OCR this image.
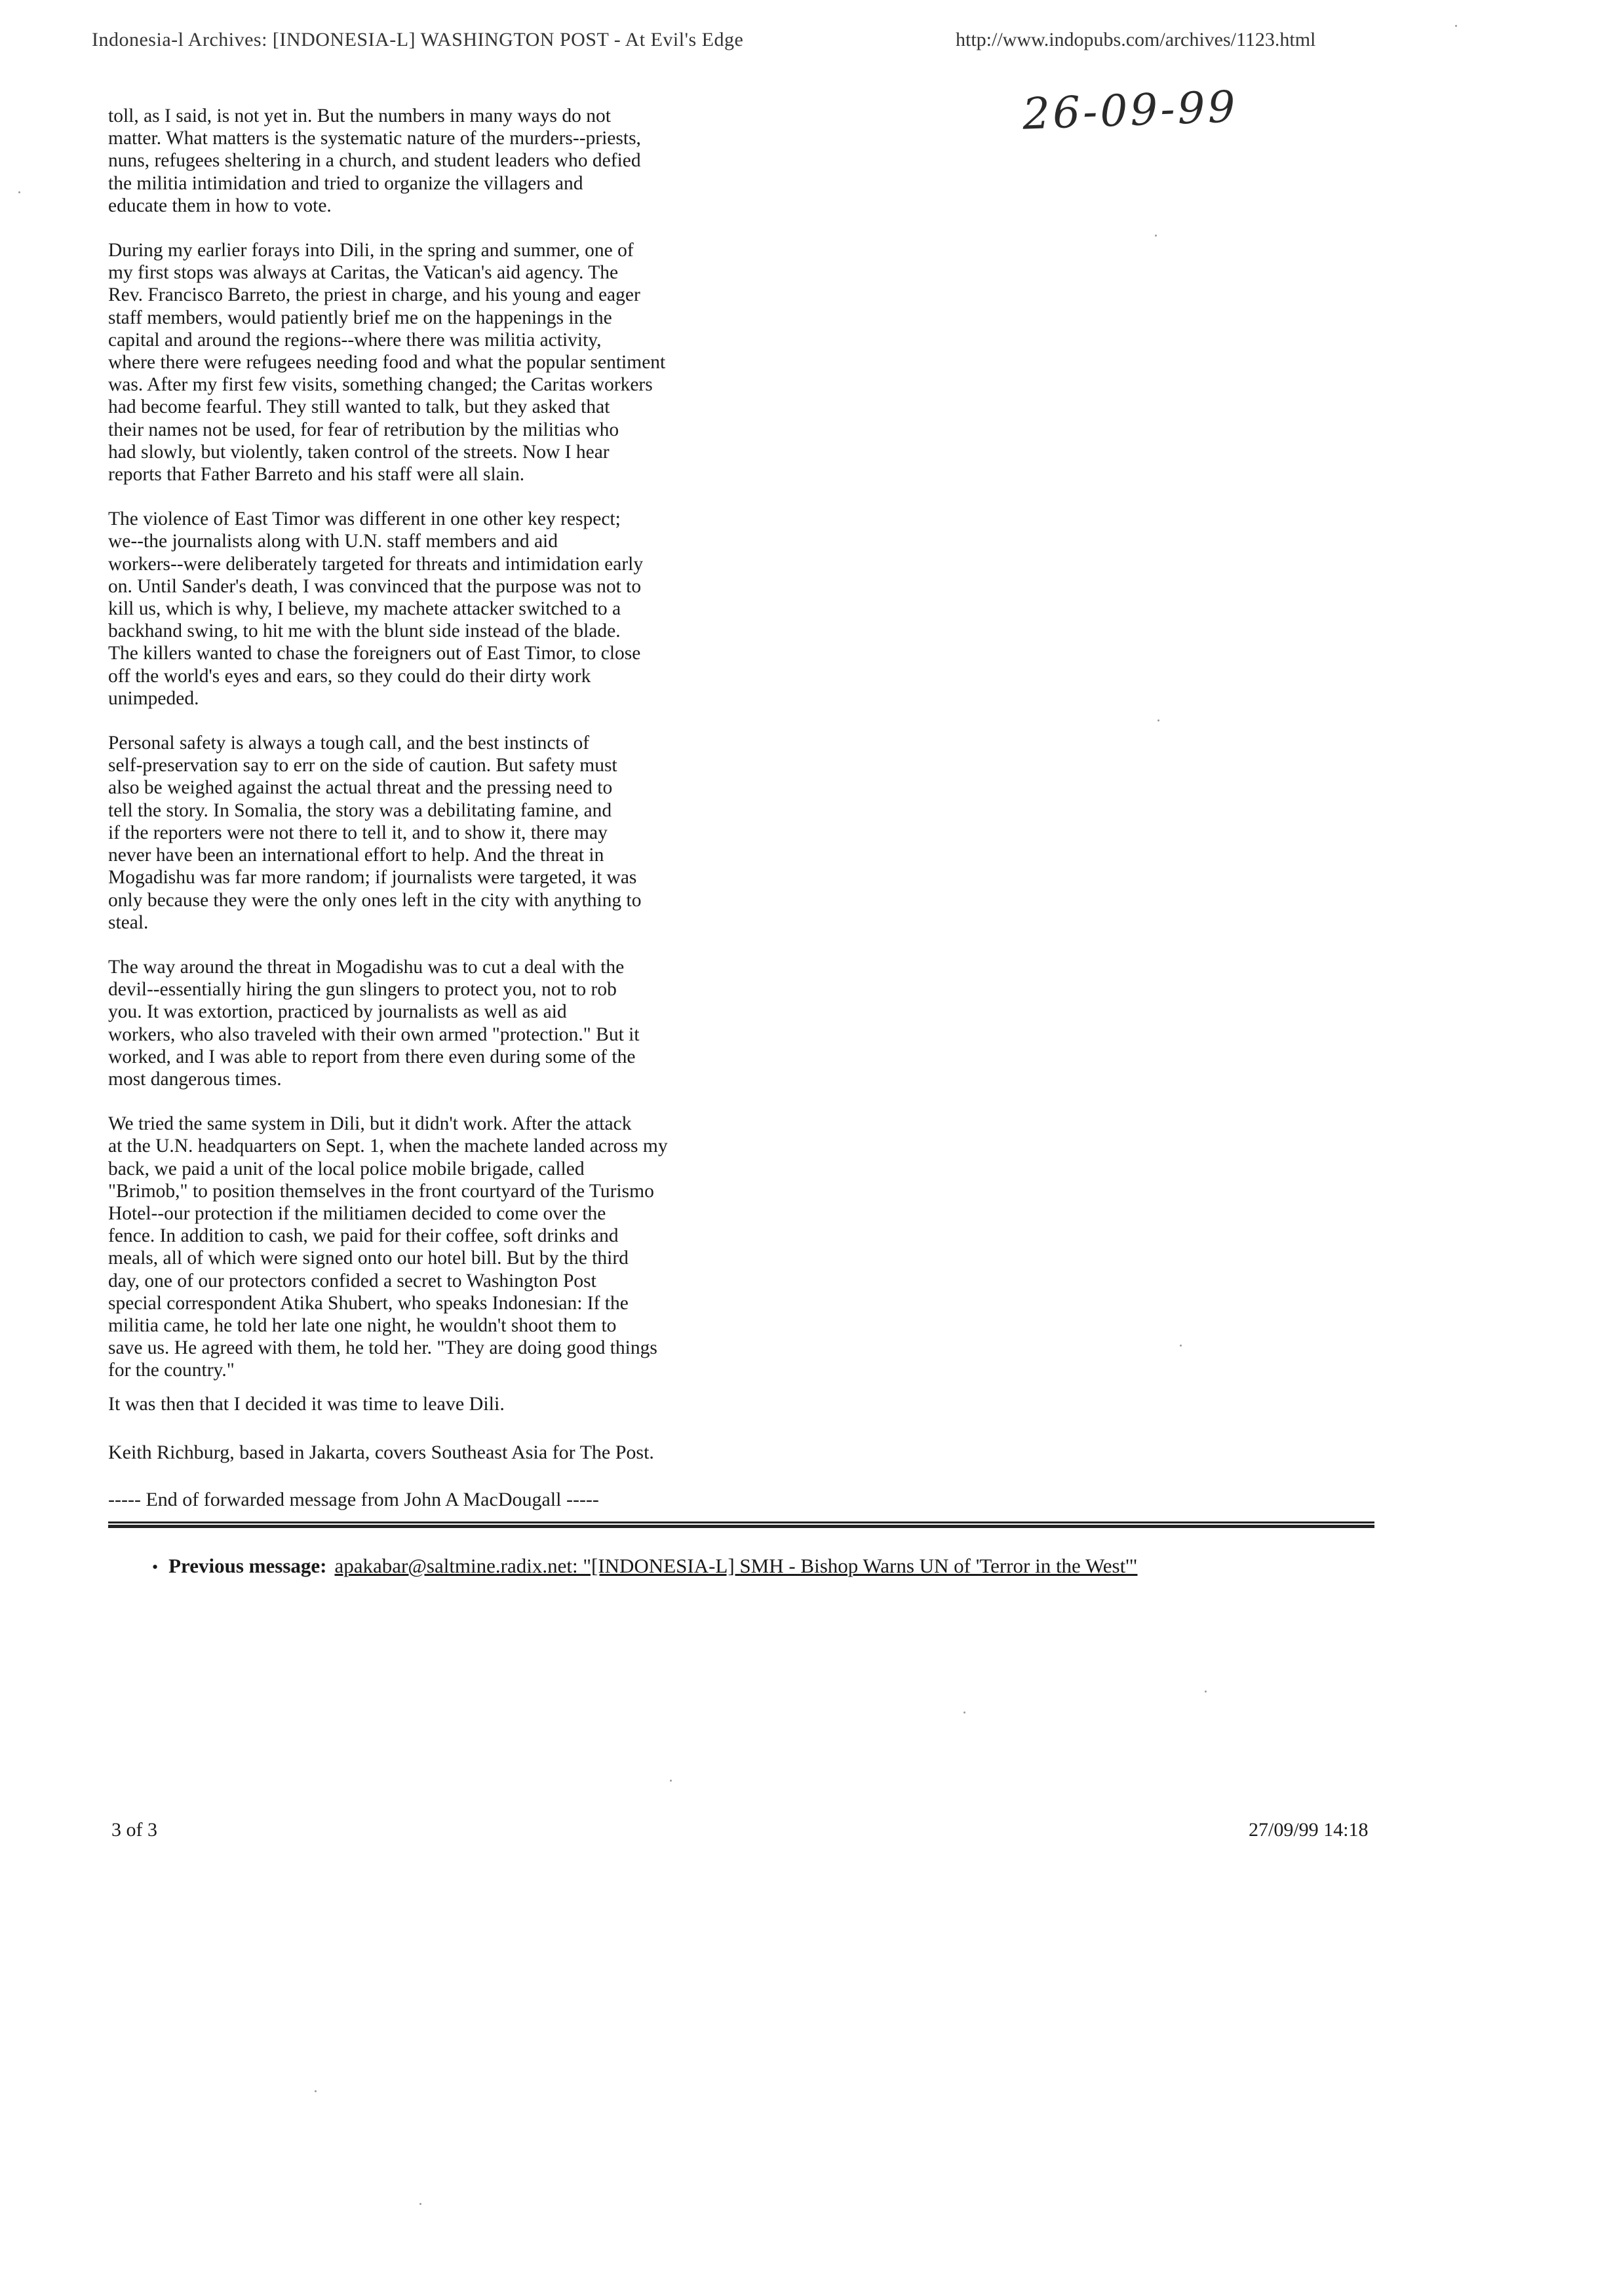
Indonesia-l Archives: [INDONESIA-L] WASHINGTON POST - At Evil's Edge	http://www.indopubs.com/archives/1123.html
26-09-99

toll, as I said, is not yet in. But the numbers in many ways do not
matter. What matters is the systematic nature of the murders--priests,
nuns, refugees sheltering in a church, and student leaders who defied
the militia intimidation and tried to organize the villagers and
educate them in how to vote.

During my earlier forays into Dili, in the spring and summer, one of
my first stops was always at Caritas, the Vatican's aid agency. The
Rev. Francisco Barreto, the priest in charge, and his young and eager
staff members, would patiently brief me on the happenings in the
capital and around the regions--where there was militia activity,
where there were refugees needing food and what the popular sentiment
was. After my first few visits, something changed; the Caritas workers
had become fearful. They still wanted to talk, but they asked that
their names not be used, for fear of retribution by the militias who
had slowly, but violently, taken control of the streets. Now I hear
reports that Father Barreto and his staff were all slain.

The violence of East Timor was different in one other key respect;
we--the journalists along with U.N. staff members and aid
workers--were deliberately targeted for threats and intimidation early
on. Until Sander's death, I was convinced that the purpose was not to
kill us, which is why, I believe, my machete attacker switched to a
backhand swing, to hit me with the blunt side instead of the blade.
The killers wanted to chase the foreigners out of East Timor, to close
off the world's eyes and ears, so they could do their dirty work
unimpeded.

Personal safety is always a tough call, and the best instincts of
self-preservation say to err on the side of caution. But safety must
also be weighed against the actual threat and the pressing need to
tell the story. In Somalia, the story was a debilitating famine, and
if the reporters were not there to tell it, and to show it, there may
never have been an international effort to help. And the threat in
Mogadishu was far more random; if journalists were targeted, it was
only because they were the only ones left in the city with anything to
steal.

The way around the threat in Mogadishu was to cut a deal with the
devil--essentially hiring the gun slingers to protect you, not to rob
you. It was extortion, practiced by journalists as well as aid
workers, who also traveled with their own armed "protection." But it
worked, and I was able to report from there even during some of the
most dangerous times.

We tried the same system in Dili, but it didn't work. After the attack
at the U.N. headquarters on Sept. 1, when the machete landed across my
back, we paid a unit of the local police mobile brigade, called
"Brimob," to position themselves in the front courtyard of the Turismo
Hotel--our protection if the militiamen decided to come over the
fence. In addition to cash, we paid for their coffee, soft drinks and
meals, all of which were signed onto our hotel bill. But by the third
day, one of our protectors confided a secret to Washington Post
special correspondent Atika Shubert, who speaks Indonesian: If the
militia came, he told her late one night, he wouldn't shoot them to
save us. He agreed with them, he told her. "They are doing good things
for the country."

It was then that I decided it was time to leave Dili.
Keith Richburg, based in Jakarta, covers Southeast Asia for The Post.
----- End of forwarded message from John A MacDougall -----
• Previous message: apakabar@saltmine.radix.net: "[INDONESIA-L] SMH - Bishop Warns UN of 'Terror in the West'"
3 of 3	27/09/99 14:18
